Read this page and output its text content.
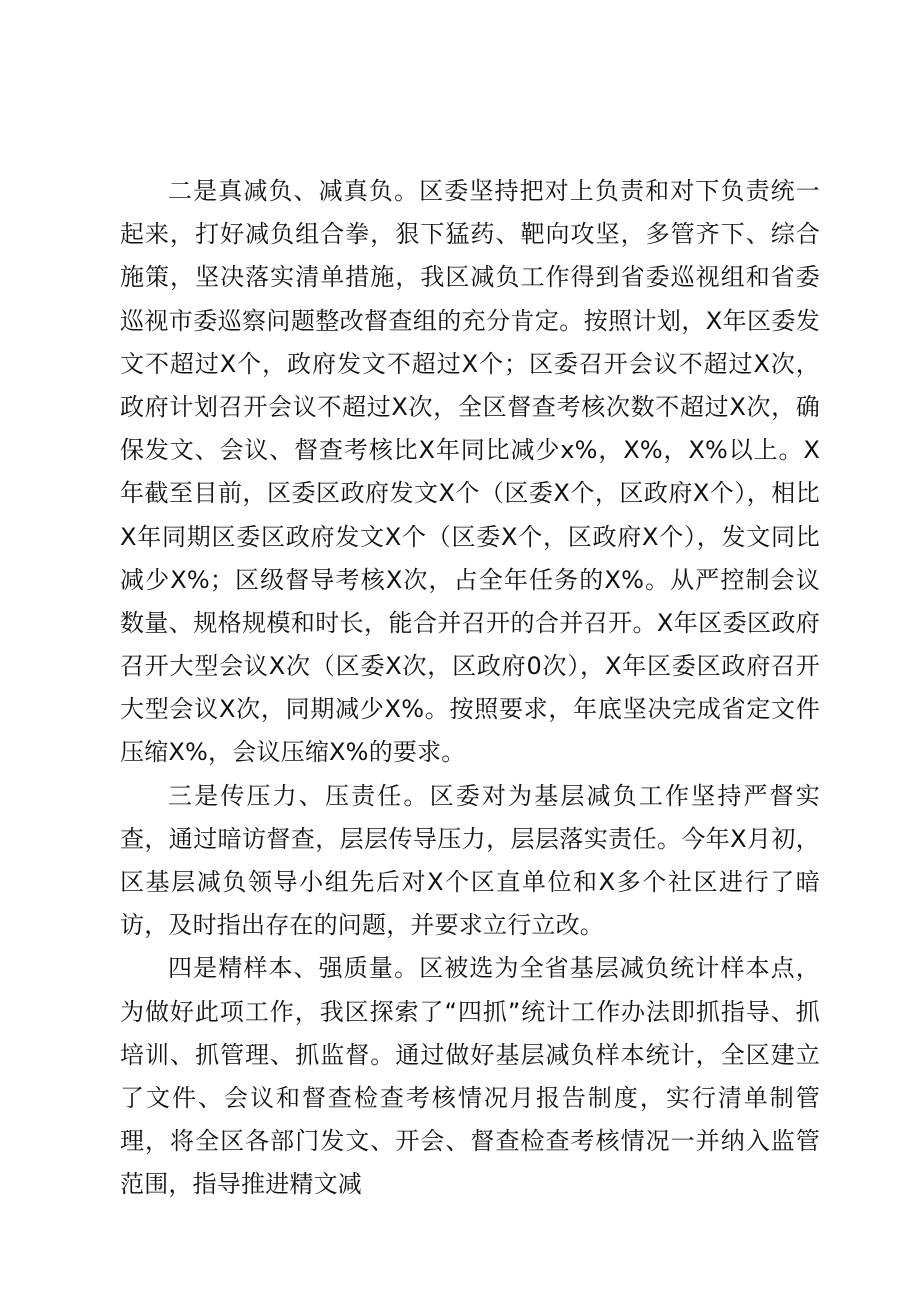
二是真减负、减真负。区委坚持把对上负责和对下负责统一起来，打好减负组合拳，狠下猛药、靶向攻坚，多管齐下、综合施策，坚决落实清单措施，我区减负工作得到省委巡视组和省委巡视市委巡察问题整改督查组的充分肯定。按照计划，X年区委发文不超过X个，政府发文不超过X个；区委召开会议不超过X次，政府计划召开会议不超过X次，全区督查考核次数不超过X次，确保发文、会议、督查考核比X年同比减少x%，X%，X%以上。X年截至目前，区委区政府发文X个（区委X个，区政府X个），相比X年同期区委区政府发文X个（区委X个，区政府X个），发文同比减少X%；区级督导考核X次，占全年任务的X%。从严控制会议数量、规格规模和时长，能合并召开的合并召开。X年区委区政府召开大型会议X次（区委X次，区政府0次），X年区委区政府召开大型会议X次，同期减少X%。按照要求，年底坚决完成省定文件压缩X%，会议压缩X%的要求。

三是传压力、压责任。区委对为基层减负工作坚持严督实查，通过暗访督查，层层传导压力，层层落实责任。今年X月初，区基层减负领导小组先后对X个区直单位和X多个社区进行了暗访，及时指出存在的问题，并要求立行立改。

四是精样本、强质量。区被选为全省基层减负统计样本点，为做好此项工作，我区探索了“四抓”统计工作办法即抓指导、抓培训、抓管理、抓监督。通过做好基层减负样本统计，全区建立了文件、会议和督查检查考核情况月报告制度，实行清单制管理，将全区各部门发文、开会、督查检查考核情况一并纳入监管范围，指导推进精文减
